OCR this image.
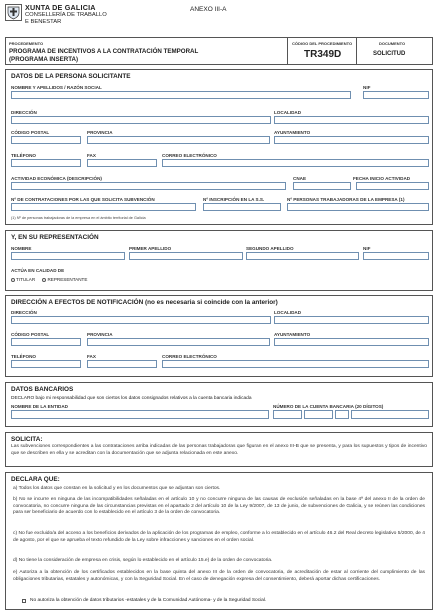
XUNTA DE GALICIA
CONSELLERÍA DE TRABALLO
E BENESTAR
ANEXO III-A
PROCEDEMENTO
PROGRAMA DE INCENTIVOS A LA CONTRATACIÓN TEMPORAL
(PROGRAMA INSERTA)
CÓDIGO DEL PROCEDIMIENTO
TR349D
DOCUMENTO
SOLICITUD
DATOS DE LA PERSONA SOLICITANTE
NOMBRE Y APELLIDOS / RAZÓN SOCIAL	NIF
DIRECCIÓN	LOCALIDAD
CÓDIGO POSTAL	PROVINCIA	AYUNTAMIENTO
TELÉFONO	FAX	CORREO ELECTRÓNICO
ACTIVIDAD ECONÓMICA (DESCRIPCIÓN)	CNAE	FECHA INICIO ACTIVIDAD
Nº DE CONTRATACIONES POR LAS QUE SOLICITA SUBVENCIÓN	Nº INSCRIPCIÓN EN LA S.S.	Nº PERSONAS TRABAJADORAS DE LA EMPRESA (1)
(1) Nº de personas trabajadoras de la empresa en el ámbito territorial de Galicia
Y, EN SU REPRESENTACIÓN
NOMBRE	PRIMER APELLIDO	SEGUNDO APELLIDO	NIF
ACTÚA EN CALIDAD DE
TITULAR	REPRESENTANTE
DIRECCIÓN A EFECTOS DE NOTIFICACIÓN (no es necesaria si coincide con la anterior)
DIRECCIÓN	LOCALIDAD
CÓDIGO POSTAL	PROVINCIA	AYUNTAMIENTO
TELÉFONO	FAX	CORREO ELECTRÓNICO
DATOS BANCARIOS
DECLARO bajo mi responsabilidad que son ciertos los datos consignados relativos a la cuenta bancaria indicada
NOMBRE DE LA ENTIDAD	NÚMERO DE LA CUENTA BANCARIA (20 DÍGITOS)
SOLICITA:
Las subvenciones correspondientes a las contrataciones arriba indicadas de las personas trabajadoras que figuran en el anexo III-B que se presenta, y para los supuestos y tipos de incentivo que se describen en ella y se acreditan con la documentación que se adjunta relacionada en este anexo.
DECLARA QUE:
a) Todos los datos que constan en la solicitud y en los documentos que se adjuntan son ciertos.
b) No se incurre en ninguna de las incompatibilidades señaladas en el artículo 10 y no concurre ninguna de las causas de exclusión señaladas en la base 4ª del anexo II de la orden de convocatoria, no concurre ninguna de las circunstancias previstas en el apartado 2 del artículo 10 de la Ley 9/2007, de 13 de junio, de subvenciones de Galicia, y se reúnen las condiciones para ser beneficiario de acuerdo con lo establecido en el artículo 3 de la orden de convocatoria.
c) No fue excluido/a del acceso a los beneficios derivados de la aplicación de los programas de empleo, conforme a lo establecido en el artículo 46.2 del Real decreto legislativo 5/2000, de 4 de agosto, por el que se aprueba el texto refundido de la Ley sobre infracciones y sanciones en el orden social.
d) No tiene la consideración de empresa en crisis, según lo establecido en el artículo 15.e) de la orden de convocatoria.
e) Autoriza a la obtención de los certificados establecidos en la base quinta del anexo III de la orden de convocatoria, de acreditación de estar al corriente del cumplimiento de las obligaciones tributarias, estatales y autonómicas, y con la Seguridad Social. En el caso de denegación expresa del consentimiento, deberá aportar dichas certificaciones.
No autoriza la obtención de datos tributarios -estatales y de la Comunidad Autónoma- y de la Seguridad Social.
